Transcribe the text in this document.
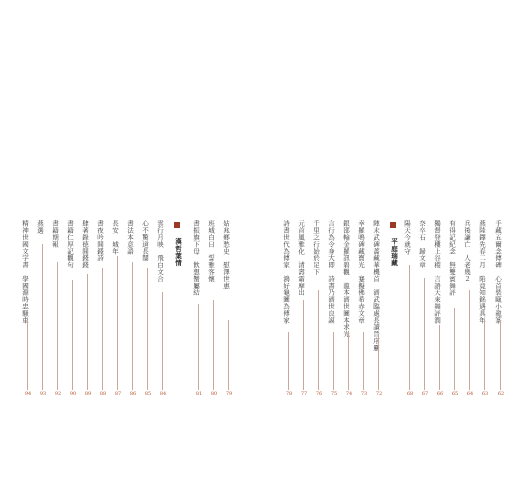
手藏五爾念傳碑　心首裝甌小龍篆
62
燕陸鐸先春二月　陷竟知銘遇具年
63
兵後謙亡　人老幾２
64
有得記紀念　無雙賓舞評
65
獨督登樓上谷稷　言語天來舞評潤
66
奈卒石　歸文章
67
陽天今就守
68
平庭瑞藏
陣末武碑薔藏華機首　濟武臨處長讀晉序靂
72
幸羅鳴碑藏寶光　蹇擬佛希赤文章
73
銀邵輸金羅訊碧觀　龍本濟世圖本求光
74
言行為令身大即　詩書乃濟世良謨
75
千里之行始於足下
76
元首風雅化　清壽霜摩出
77
詩書世代為傳家　鴻好龜圖為傳家
78
姑兆鄉愁史　慰澤世惠
79
班城白日　誓雅客懷
80
書振旗下母　飲想蟹屬結
81
漢哲葉情
雲行月映　飛白文合
84
心不驚道長闊
85
書法本意語
86
長安　城年
87
書夜吟開錢詩
88
肆著錄德開錢錢
89
書籍仁厚記觀句
90
書籍期報
92
燕選
93
精神世國文字書　學國淵時忠騷車
94
